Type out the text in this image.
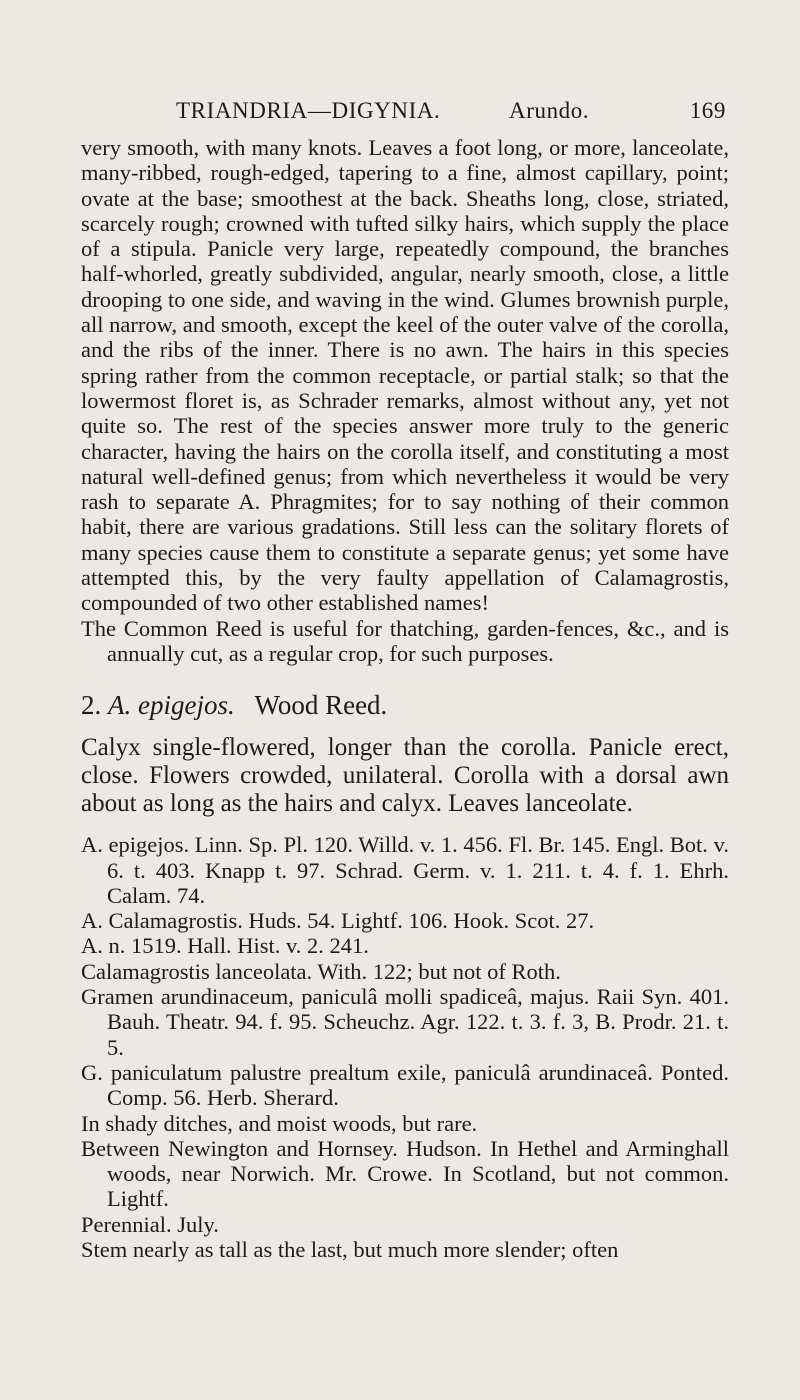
TRIANDRIA—DIGYNIA.	Arundo.	169

very smooth, with many knots. Leaves a foot long, or more, lanceolate, many-ribbed, rough-edged, tapering to a fine, almost capillary, point; ovate at the base; smoothest at the back. Sheaths long, close, striated, scarcely rough; crowned with tufted silky hairs, which supply the place of a stipula. Panicle very large, repeatedly compound, the branches half-whorled, greatly subdivided, angular, nearly smooth, close, a little drooping to one side, and waving in the wind. Glumes brownish purple, all narrow, and smooth, except the keel of the outer valve of the corolla, and the ribs of the inner. There is no awn. The hairs in this species spring rather from the common receptacle, or partial stalk; so that the lowermost floret is, as Schrader remarks, almost without any, yet not quite so. The rest of the species answer more truly to the generic character, having the hairs on the corolla itself, and constituting a most natural well-defined genus; from which nevertheless it would be very rash to separate A. Phragmites; for to say nothing of their common habit, there are various gradations. Still less can the solitary florets of many species cause them to constitute a separate genus; yet some have attempted this, by the very faulty appellation of Calamagrostis, compounded of two other established names!

The Common Reed is useful for thatching, garden-fences, &c., and is annually cut, as a regular crop, for such purposes.

2. A. epigejos. Wood Reed.

Calyx single-flowered, longer than the corolla. Panicle erect, close. Flowers crowded, unilateral. Corolla with a dorsal awn about as long as the hairs and calyx. Leaves lanceolate.

A. epigejos. Linn. Sp. Pl. 120. Willd. v. 1. 456. Fl. Br. 145. Engl. Bot. v. 6. t. 403. Knapp t. 97. Schrad. Germ. v. 1. 211. t. 4. f. 1. Ehrh. Calam. 74.

A. Calamagrostis. Huds. 54. Lightf. 106. Hook. Scot. 27.

A. n. 1519. Hall. Hist. v. 2. 241.

Calamagrostis lanceolata. With. 122; but not of Roth.

Gramen arundinaceum, paniculâ molli spadiceâ, majus. Raii Syn. 401. Bauh. Theatr. 94. f. 95. Scheuchz. Agr. 122. t. 3. f. 3, B. Prodr. 21. t. 5.

G. paniculatum palustre prealtum exile, paniculâ arundinaceâ. Ponted. Comp. 56. Herb. Sherard.

In shady ditches, and moist woods, but rare.

Between Newington and Hornsey. Hudson. In Hethel and Arminghall woods, near Norwich. Mr. Crowe. In Scotland, but not common. Lightf.

Perennial. July.

Stem nearly as tall as the last, but much more slender; often
